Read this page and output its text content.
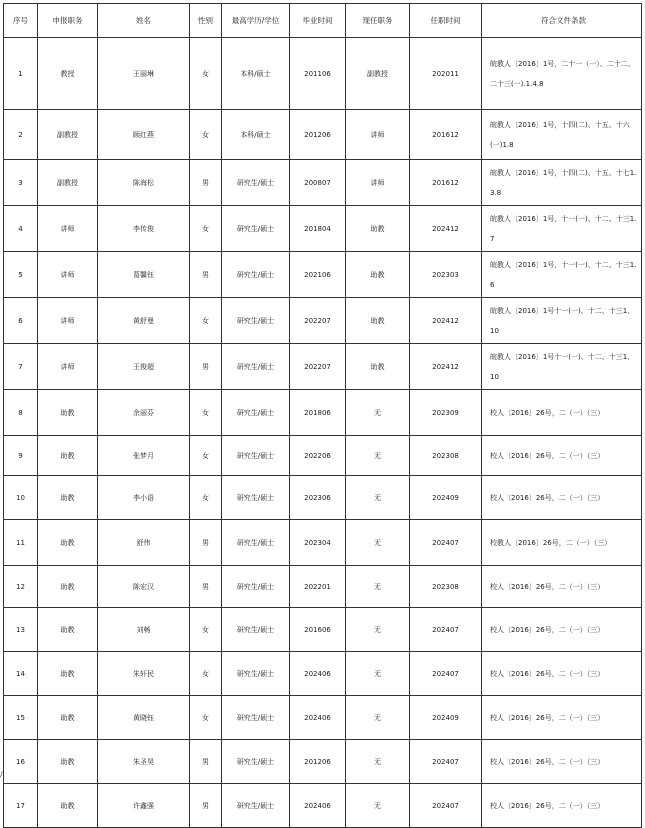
序号	申报职务	姓名	性别	最高学历/学位	毕业时间	现任职务	任职时间	符合文件条款
1	教授	王丽琳	女	本科/硕士	201106	副教授	202011	皖教人〔2016〕1号，二十一（一）、二十二、二十三(一).1.4.8
2	副教授	顾红燕	女	本科/硕士	201206	讲师	201612	皖教人〔2016〕1号，十四(二)、十五、十六(一)1.8
3	副教授	陈海松	男	研究生/硕士	200807	讲师	201612	皖教人〔2016〕1号，十四(二)、十五、十七1.3.8
4	讲师	李传俊	女	研究生/硕士	201804	助教	202412	皖教人〔2016〕1号，十一(一)、十二、十三1.7
5	讲师	葛馨钰	男	研究生/硕士	202106	助教	202303	皖教人〔2016〕1号，十一(一)、十二、十三1.6
6	讲师	黄舒曼	女	研究生/硕士	202207	助教	202412	皖教人〔2016〕1号十一(一)、十二、十三1、10
7	讲师	王俊超	男	研究生/硕士	202207	助教	202412	皖教人〔2016〕1号十一(一)、十二、十三1、10
8	助教	余丽芬	女	研究生/硕士	201806	无	202309	校人〔2016〕26号，二（一）（三）
9	助教	张梦月	女	研究生/硕士	202206	无	202308	校人〔2016〕26号，二（一）（三）
10	助教	李小语	女	研究生/硕士	202306	无	202409	校人〔2016〕26号，二（一）（三）
11	助教	舒伟	男	研究生/硕士	202304	无	202407	校教人〔2016〕26号，二（一）（三）
12	助教	陈宏汉	男	研究生/硕士	202201	无	202308	校人〔2016〕26号，二（一）（三）
13	助教	刘畅	女	研究生/硕士	201606	无	202407	校人〔2016〕26号，二（一）（三）
14	助教	朱轩民	女	研究生/硕士	202406	无	202407	校人〔2016〕26号，二（一）（三）
15	助教	黄晓钰	女	研究生/硕士	202406	无	202409	校人〔2016〕26号，二（一）（三）
16	助教	朱圣昊	男	研究生/硕士	201206	无	202407	校人〔2016〕26号，二（一）（三）
17	助教	许鑫强	男	研究生/硕士	202406	无	202407	校人〔2016〕26号，二（一）（三）
/
